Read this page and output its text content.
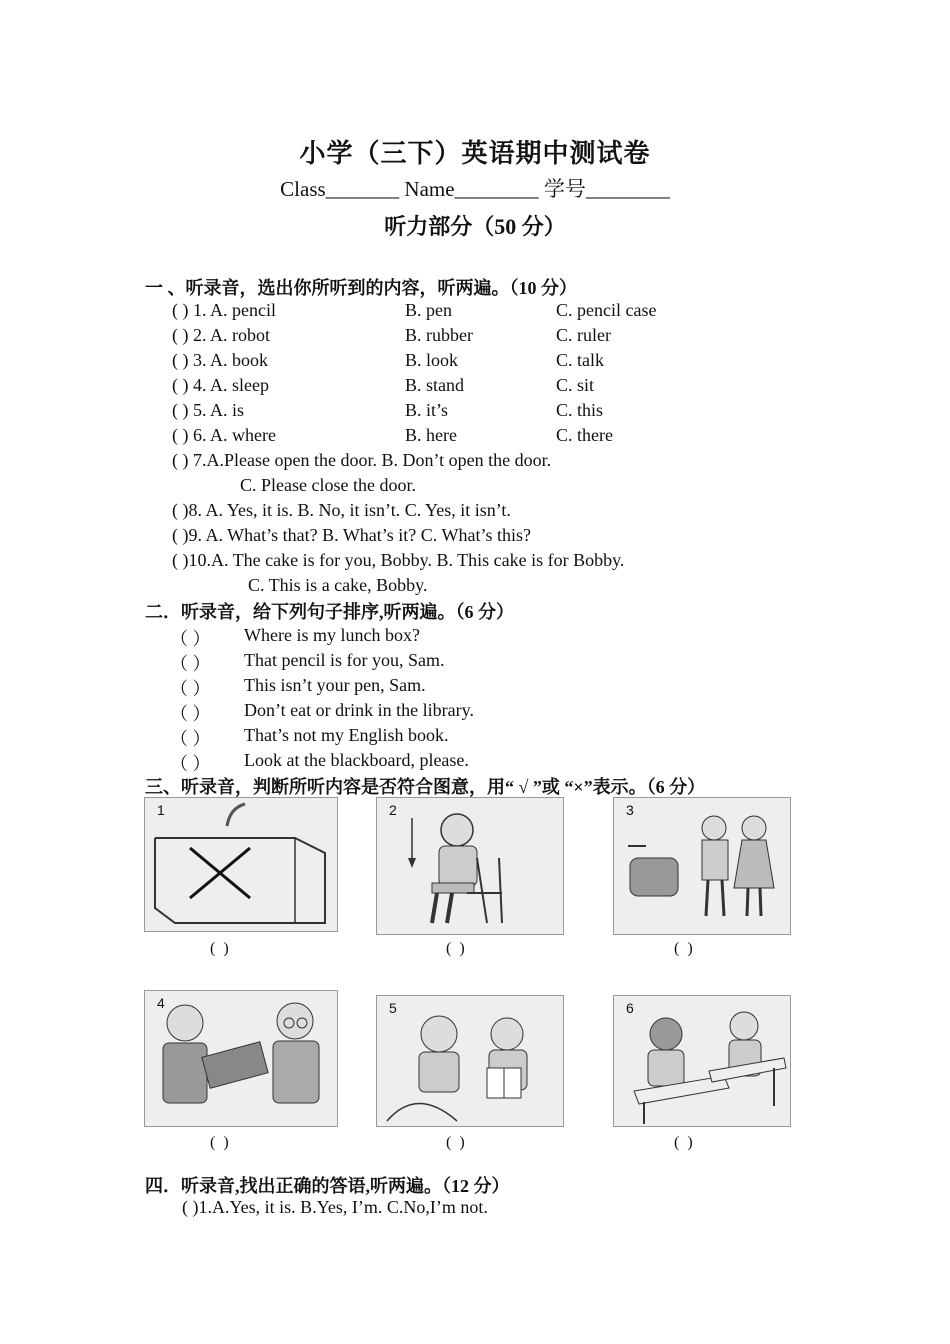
小学（三下）英语期中测试卷
Class_______ Name________ 学号________
听力部分（50 分）
一 、听录音，选出你所听到的内容，听两遍。（10 分）
( ) 1. A. pencil	B. pen	C. pencil case
( ) 2. A. robot	B. rubber	C. ruler
( ) 3. A. book	B. look	C. talk
( ) 4. A. sleep	B. stand	C. sit
( ) 5. A. is	B. it’s	C. this
( ) 6. A. where	B. here	C. there
( ) 7.A.Please open the door. B. Don’t open the door.
C. Please close the door.
( )8. A. Yes, it is. B. No, it isn’t. C. Yes, it isn’t.
( )9. A. What’s that? B. What’s it? C. What’s this?
( )10.A. The cake is for you, Bobby. B. This cake is for Bobby.
C. This is a cake, Bobby.
二．听录音，给下列句子排序,听两遍。（6 分）
（ ） Where is my lunch box?
（ ） That pencil is for you, Sam.
（ ） This isn’t your pen, Sam.
（ ） Don’t eat or drink in the library.
（ ） That’s not my English book.
（ ） Look at the blackboard, please.
三、听录音，判断所听内容是否符合图意，用“ √ ”或 “×”表示。（6 分）
1
( )
2
( )
3
( )
4
( )
5
( )
6
( )
四．听录音,找出正确的答语,听两遍。（12 分）
( )1.A.Yes, it is. B.Yes, I’m. C.No,I’m not.
